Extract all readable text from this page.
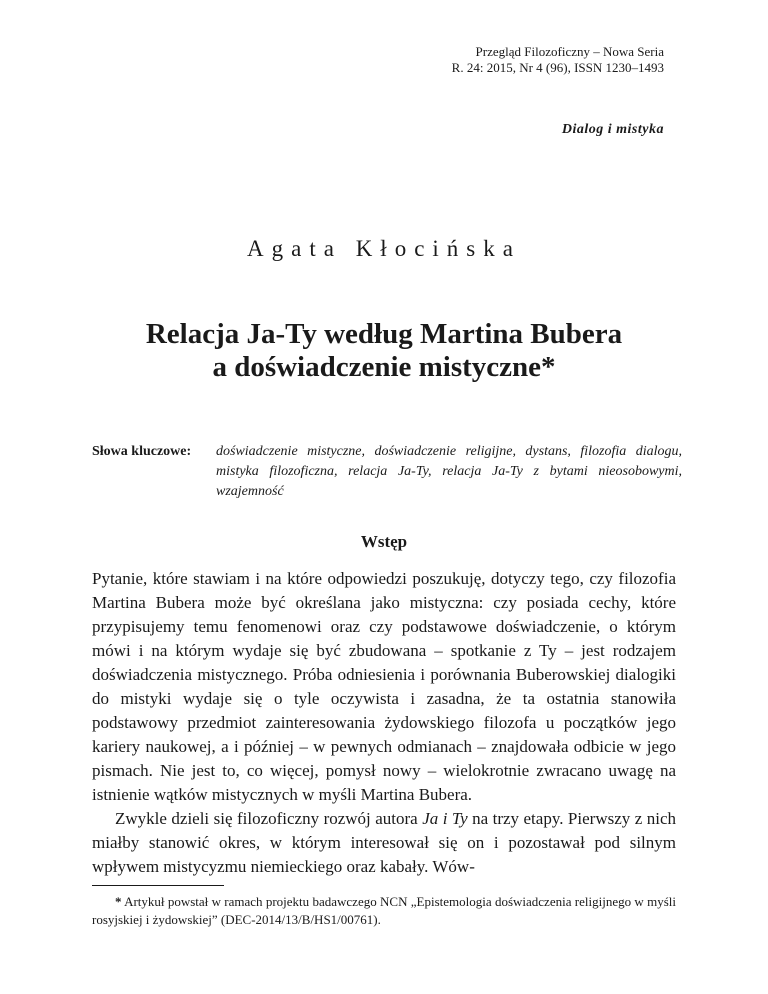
Przegląd Filozoficzny – Nowa Seria
R. 24: 2015, Nr 4 (96), ISSN 1230–1493
Dialog i mistyka
Agata Kłocińska
Relacja Ja-Ty według Martina Bubera
a doświadczenie mistyczne*
Słowa kluczowe: doświadczenie mistyczne, doświadczenie religijne, dystans, filozofia dialogu, mistyka filozoficzna, relacja Ja-Ty, relacja Ja-Ty z bytami nieosobowymi, wzajemność
Wstęp

Pytanie, które stawiam i na które odpowiedzi poszukuję, dotyczy tego, czy filozofia Martina Bubera może być określana jako mistyczna: czy posiada cechy, które przypisujemy temu fenomenowi oraz czy podstawowe doświadczenie, o którym mówi i na którym wydaje się być zbudowana – spotkanie z Ty – jest rodzajem doświadczenia mistycznego. Próba odniesienia i porównania Buberowskiej dialogiki do mistyki wydaje się o tyle oczywista i zasadna, że ta ostatnia stanowiła podstawowy przedmiot zainteresowania żydowskiego filozofa u początków jego kariery naukowej, a i później – w pewnych odmianach – znajdowała odbicie w jego pismach. Nie jest to, co więcej, pomysł nowy – wielokrotnie zwracano uwagę na istnienie wątków mistycznych w myśli Martina Bubera.

Zwykle dzieli się filozoficzny rozwój autora Ja i Ty na trzy etapy. Pierwszy z nich miałby stanowić okres, w którym interesował się on i pozostawał pod silnym wpływem mistycyzmu niemieckiego oraz kabały. Wów-

* Artykuł powstał w ramach projektu badawczego NCN „Epistemologia doświadczenia religijnego w myśli rosyjskiej i żydowskiej” (DEC-2014/13/B/HS1/00761).
